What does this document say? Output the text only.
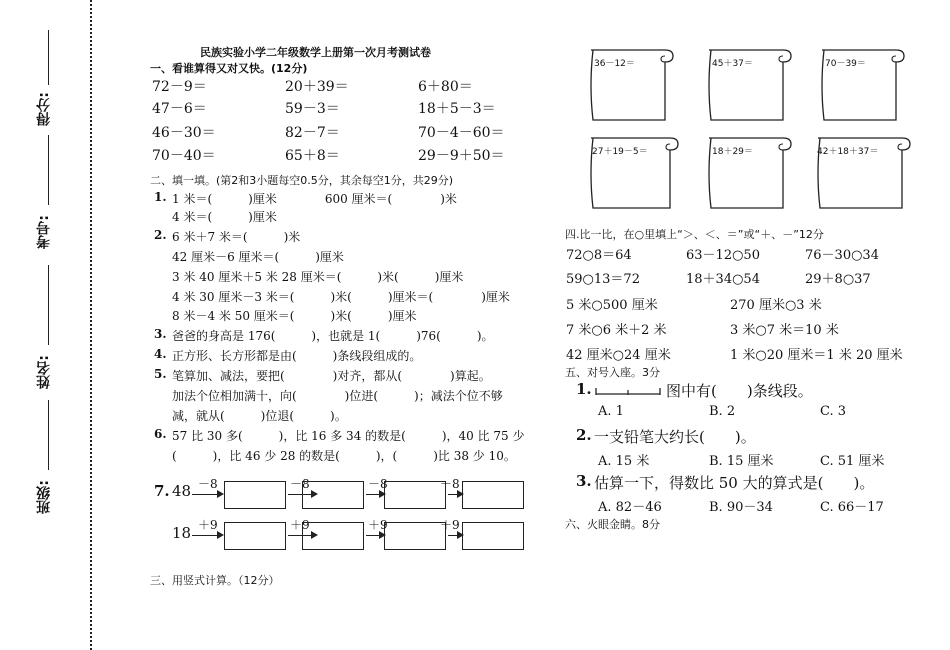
班级:
姓名:
考号:
得分:
民族实验小学二年级数学上册第一次月考测试卷
一、看谁算得又对又快。(12分)
72－9＝	20＋39＝	6＋80＝
47－6＝	59－3＝	18＋5－3＝
46－30＝	82－7＝	70－4－60＝
70－40＝	65＋8＝	29－9＋50＝
二、填一填。(第2和3小题每空0.5分，其余每空1分，共29分)
1. 1 米＝(　　　)厘米　　　　600 厘米＝(　　　　)米
4 米＝(　　　)厘米
2. 6 米＋7 米＝(　　　)米
42 厘米－6 厘米＝(　　　)厘米
3 米 40 厘米＋5 米 28 厘米＝(　　　)米(　　　)厘米
4 米 30 厘米－3 米＝(　　　)米(　　　)厘米＝(　　　　)厘米
8 米－4 米 50 厘米＝(　　　)米(　　　)厘米
3. 爸爸的身高是 176(　　　)，也就是 1(　　　)76(　　　)。
4. 正方形、长方形都是由(　　　)条线段组成的。
5. 笔算加、减法，要把(　　　　)对齐，都从(　　　　)算起。
加法个位相加满十，向(　　　　)位进(　　　)；减法个位不够
减，就从(　　　)位退(　　　)。
6. 57 比 30 多(　　　)，比 16 多 34 的数是(　　　)，40 比 75 少
(　　　)，比 46 少 28 的数是(　　　)，(　　　)比 38 少 10。
7. 48 －8	－8	－8	－8
18 ＋9	＋9	＋9	＋9
三、用竖式计算。（12分）
36－12＝	45＋37＝	70－39＝
27＋19－5＝	18＋29＝	42＋18＋37＝
四.比一比，在○里填上“＞、＜、＝”或“＋、－”12分
72○8＝64	63－12○50	76－30○34
59○13＝72	18＋34○54	29＋8○37
5 米○500 厘米	270 厘米○3 米
7 米○6 米＋2 米	3 米○7 米＝10 米
42 厘米○24 厘米	1 米○20 厘米＝1 米 20 厘米
五、对号入座。3分
1.	图中有(　　)条线段。
A. 1	B. 2	C. 3
2. 一支铅笔大约长(　　)。
A. 15 米	B. 15 厘米	C. 51 厘米
3. 估算一下，得数比 50 大的算式是(　　)。
A. 82－46	B. 90－34	C. 66－17
六、火眼金睛。8分
